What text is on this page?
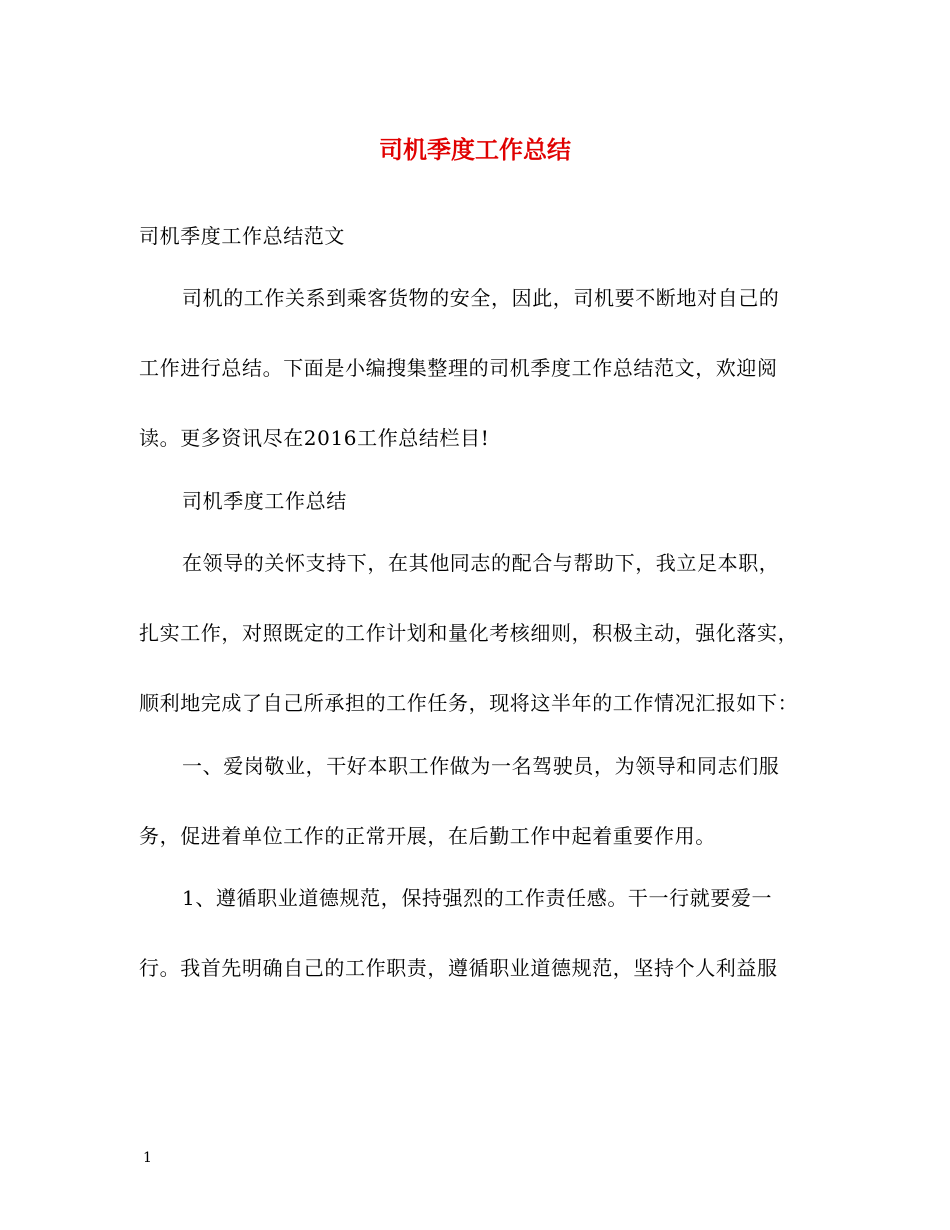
司机季度工作总结
司机季度工作总结范文
司机的工作关系到乘客货物的安全，因此，司机要不断地对自己的
工作进行总结。下面是小编搜集整理的司机季度工作总结范文，欢迎阅
读。更多资讯尽在2016工作总结栏目!
司机季度工作总结
在领导的关怀支持下，在其他同志的配合与帮助下，我立足本职，
扎实工作，对照既定的工作计划和量化考核细则，积极主动，强化落实，
顺利地完成了自己所承担的工作任务，现将这半年的工作情况汇报如下：
一、爱岗敬业，干好本职工作做为一名驾驶员，为领导和同志们服
务，促进着单位工作的正常开展，在后勤工作中起着重要作用。
1、遵循职业道德规范，保持强烈的工作责任感。干一行就要爱一
行。我首先明确自己的工作职责，遵循职业道德规范，坚持个人利益服
1
